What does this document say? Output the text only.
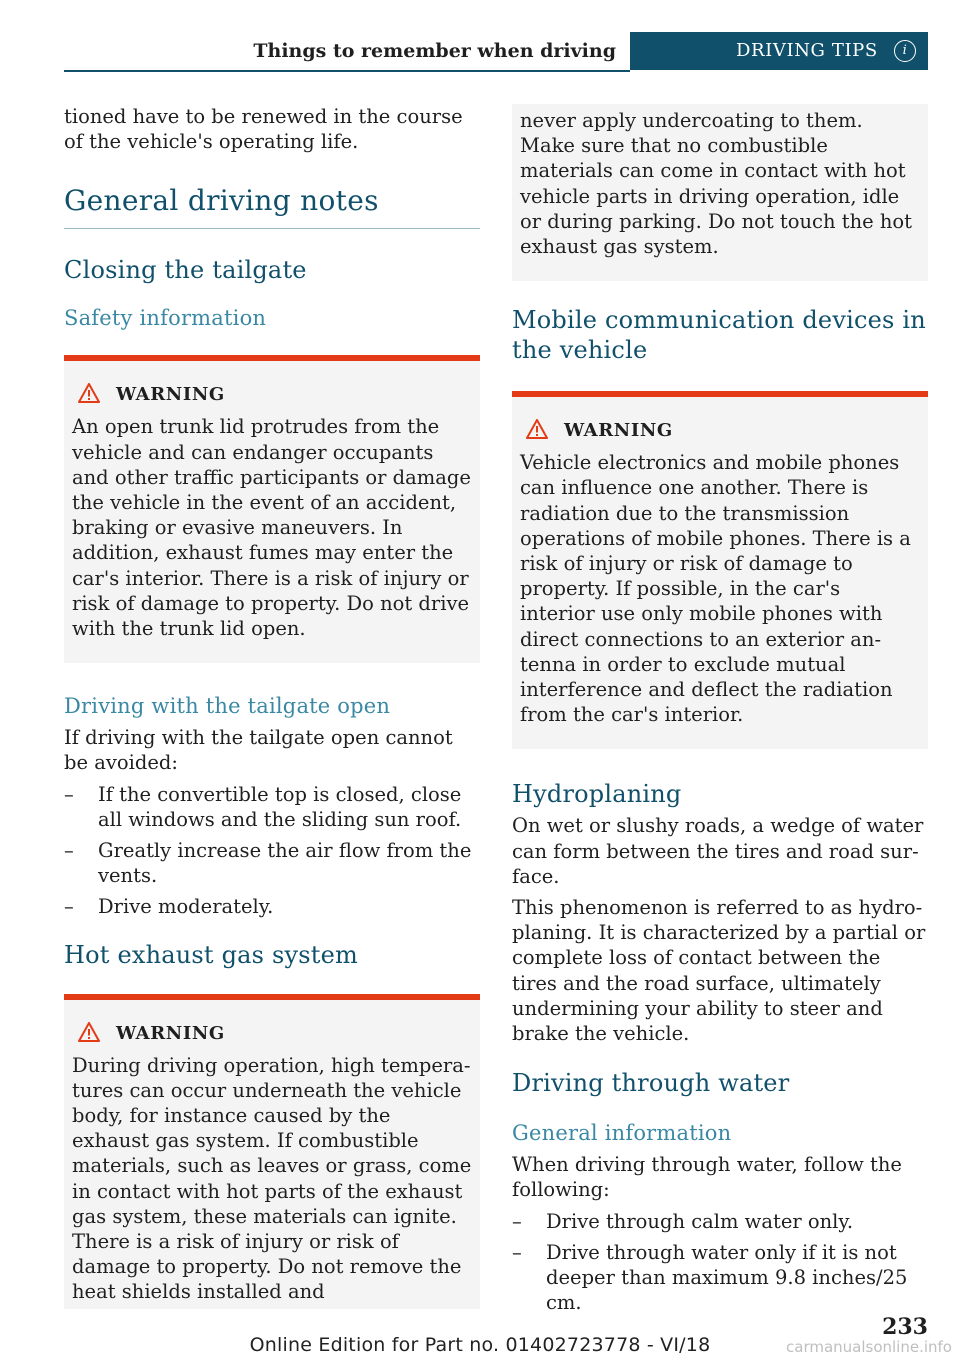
Things to remember when driving	DRIVING TIPS	i

tioned have to be renewed in the course of the vehicle's operating life.

General driving notes
Closing the tailgate
Safety information
WARNING

An open trunk lid protrudes from the vehicle and can endanger occupants and other traffic participants or damage the vehicle in the event of an accident, braking or evasive maneuvers. In addition, exhaust fumes may enter the car's interior. There is a risk of injury or risk of damage to property. Do not drive with the trunk lid open.

Driving with the tailgate open

If driving with the tailgate open cannot be avoided:

– If the convertible top is closed, close all windows and the sliding sun roof.
– Greatly increase the air flow from the vents.
– Drive moderately.
Hot exhaust gas system
WARNING

During driving operation, high temperatures can occur underneath the vehicle body, for instance caused by the exhaust gas system. If combustible materials, such as leaves or grass, come in contact with hot parts of the exhaust gas system, these materials can ignite. There is a risk of injury or risk of damage to property. Do not remove the heat shields installed and

never apply undercoating to them. Make sure that no combustible materials can come in contact with hot vehicle parts in driving operation, idle or during parking. Do not touch the hot exhaust gas system.

Mobile communication devices in the vehicle
WARNING

Vehicle electronics and mobile phones can influence one another. There is radiation due to the transmission operations of mobile phones. There is a risk of injury or risk of damage to property. If possible, in the car's interior use only mobile phones with direct connections to an exterior antenna in order to exclude mutual interference and deflect the radiation from the car's interior.

Hydroplaning

On wet or slushy roads, a wedge of water can form between the tires and road surface.

This phenomenon is referred to as hydroplaning. It is characterized by a partial or complete loss of contact between the tires and the road surface, ultimately undermining your ability to steer and brake the vehicle.

Driving through water
General information

When driving through water, follow the following:

– Drive through calm water only.
– Drive through water only if it is not deeper than maximum 9.8 inches/25 cm.
233
Online Edition for Part no. 01402723778 - VI/18	carmanualsonline.info
